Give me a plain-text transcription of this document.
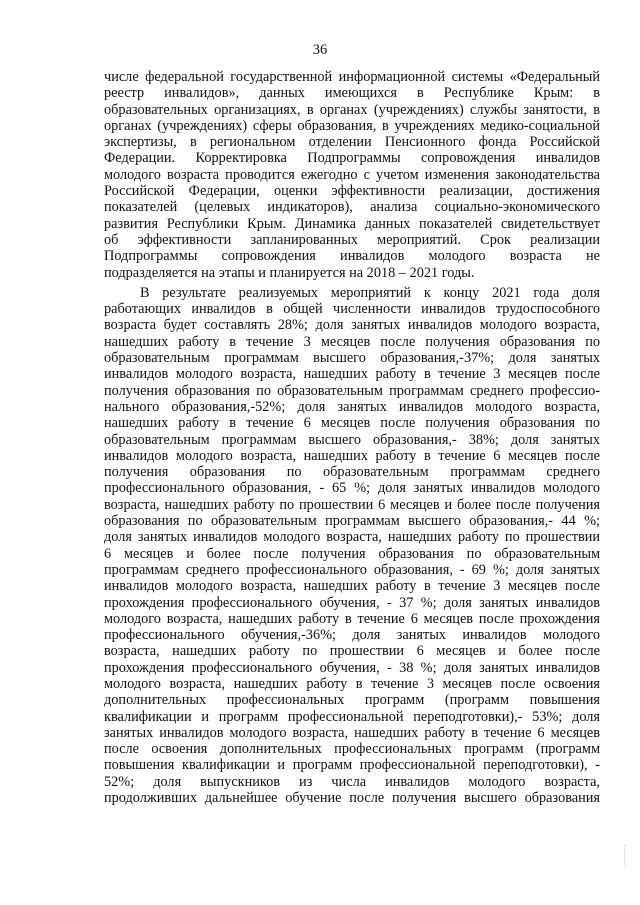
36
числе федеральной государственной информационной системы «Федеральный
реестр инвалидов», данных имеющихся в Республике Крым: в
образовательных организациях, в органах (учреждениях) службы занятости, в
органах (учреждениях) сферы образования, в учреждениях медико-социальной
экспертизы, в региональном отделении Пенсионного фонда Российской
Федерации. Корректировка Подпрограммы сопровождения инвалидов
молодого возраста проводится ежегодно с учетом изменения законодательства
Российской Федерации, оценки эффективности реализации, достижения
показателей (целевых индикаторов), анализа социально-экономического
развития Республики Крым. Динамика данных показателей свидетельствует
об эффективности запланированных мероприятий. Срок реализации
Подпрограммы сопровождения инвалидов молодого возраста не
подразделяется на этапы и планируется на 2018 – 2021 годы.
В результате реализуемых мероприятий к концу 2021 года доля
работающих инвалидов в общей численности инвалидов трудоспособного
возраста будет составлять 28%; доля занятых инвалидов молодого возраста,
нашедших работу в течение 3 месяцев после получения образования по
образовательным программам высшего образования,-37%; доля занятых
инвалидов молодого возраста, нашедших работу в течение 3 месяцев после
получения образования по образовательным программам среднего профессио-
нального образования,-52%; доля занятых инвалидов молодого возраста,
нашедших работу в течение 6 месяцев после получения образования по
образовательным программам высшего образования,- 38%; доля занятых
инвалидов молодого возраста, нашедших работу в течение 6 месяцев после
получения образования по образовательным программам среднего
профессионального образования, - 65 %; доля занятых инвалидов молодого
возраста, нашедших работу по прошествии 6 месяцев и более после получения
образования по образовательным программам высшего образования,- 44 %;
доля занятых инвалидов молодого возраста, нашедших работу по прошествии
6 месяцев и более после получения образования по образовательным
программам среднего профессионального образования, - 69 %; доля занятых
инвалидов молодого возраста, нашедших работу в течение 3 месяцев после
прохождения профессионального обучения, - 37 %; доля занятых инвалидов
молодого возраста, нашедших работу в течение 6 месяцев после прохождения
профессионального обучения,-36%; доля занятых инвалидов молодого
возраста, нашедших работу по прошествии 6 месяцев и более после
прохождения профессионального обучения, - 38 %; доля занятых инвалидов
молодого возраста, нашедших работу в течение 3 месяцев после освоения
дополнительных профессиональных программ (программ повышения
квалификации и программ профессиональной переподготовки),- 53%; доля
занятых инвалидов молодого возраста, нашедших работу в течение 6 месяцев
после освоения дополнительных профессиональных программ (программ
повышения квалификации и программ профессиональной переподготовки), -
52%; доля выпускников из числа инвалидов молодого возраста,
продолживших дальнейшее обучение после получения высшего образования
